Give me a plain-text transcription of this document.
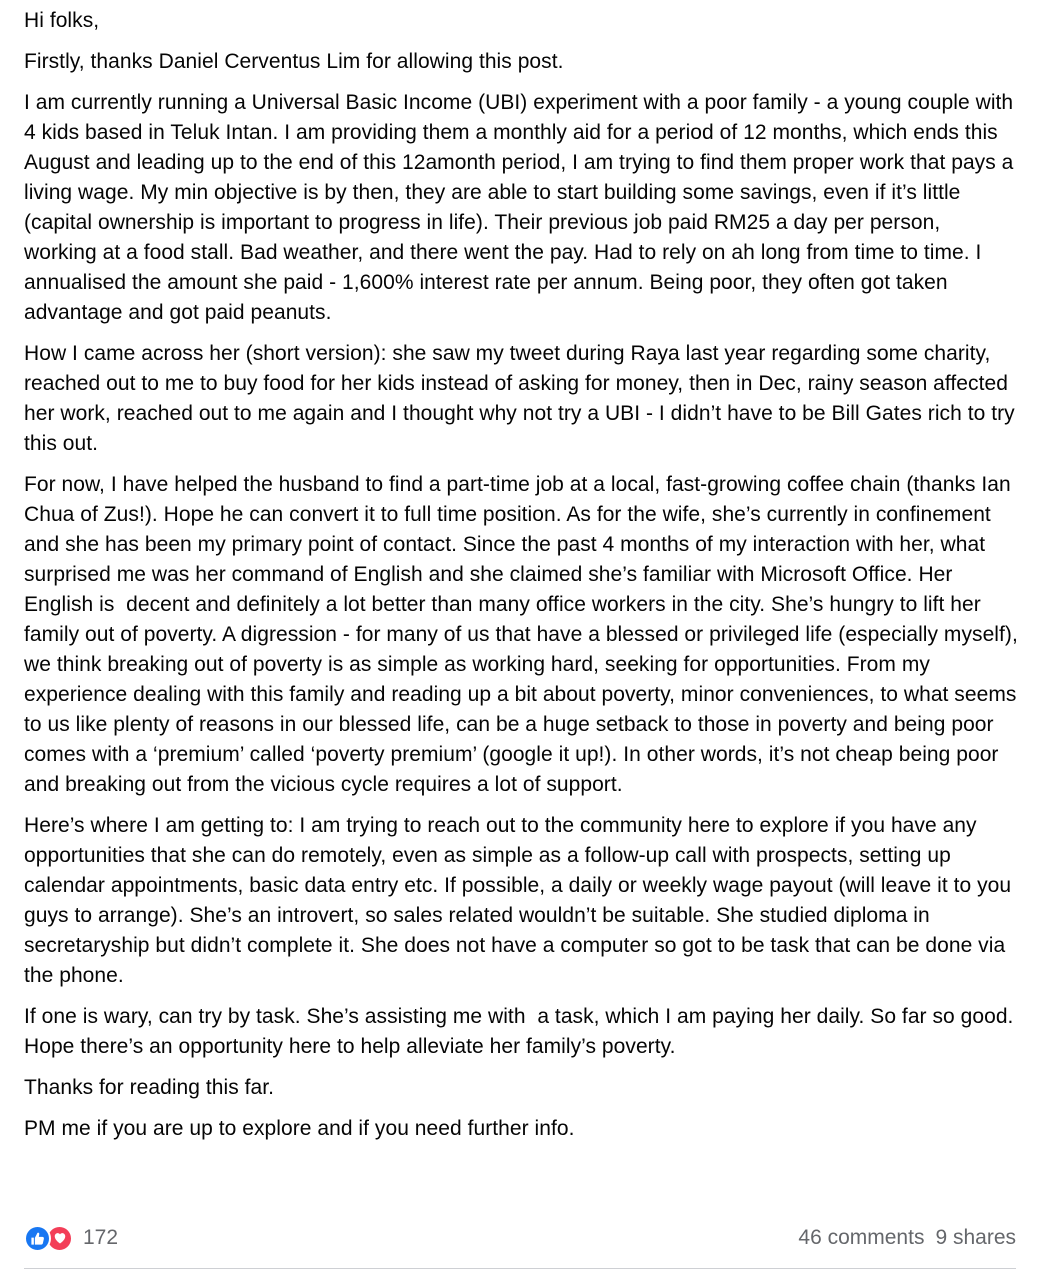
Hi folks,

Firstly, thanks Daniel Cerventus Lim for allowing this post.

I am currently running a Universal Basic Income (UBI) experiment with a poor family - a young couple with 4 kids based in Teluk Intan. I am providing them a monthly aid for a period of 12 months, which ends this August and leading up to the end of this 12amonth period, I am trying to find them proper work that pays a living wage. My min objective is by then, they are able to start building some savings, even if it’s little (capital ownership is important to progress in life). Their previous job paid RM25 a day per person, working at a food stall. Bad weather, and there went the pay. Had to rely on ah long from time to time. I annualised the amount she paid - 1,600% interest rate per annum. Being poor, they often got taken advantage and got paid peanuts.

How I came across her (short version): she saw my tweet during Raya last year regarding some charity, reached out to me to buy food for her kids instead of asking for money, then in Dec, rainy season affected her work, reached out to me again and I thought why not try a UBI - I didn’t have to be Bill Gates rich to try this out.

For now, I have helped the husband to find a part-time job at a local, fast-growing coffee chain (thanks Ian Chua of Zus!). Hope he can convert it to full time position. As for the wife, she’s currently in confinement and she has been my primary point of contact. Since the past 4 months of my interaction with her, what surprised me was her command of English and she claimed she’s familiar with Microsoft Office. Her English is  decent and definitely a lot better than many office workers in the city. She’s hungry to lift her family out of poverty. A digression - for many of us that have a blessed or privileged life (especially myself), we think breaking out of poverty is as simple as working hard, seeking for opportunities. From my experience dealing with this family and reading up a bit about poverty, minor conveniences, to what seems to us like plenty of reasons in our blessed life, can be a huge setback to those in poverty and being poor comes with a ‘premium’ called ‘poverty premium’ (google it up!). In other words, it’s not cheap being poor and breaking out from the vicious cycle requires a lot of support.

Here’s where I am getting to: I am trying to reach out to the community here to explore if you have any opportunities that she can do remotely, even as simple as a follow-up call with prospects, setting up calendar appointments, basic data entry etc. If possible, a daily or weekly wage payout (will leave it to you guys to arrange). She’s an introvert, so sales related wouldn’t be suitable. She studied diploma in secretaryship but didn’t complete it. She does not have a computer so got to be task that can be done via the phone.

If one is wary, can try by task. She’s assisting me with  a task, which I am paying her daily. So far so good. Hope there’s an opportunity here to help alleviate her family’s poverty.

Thanks for reading this far.

PM me if you are up to explore and if you need further info.

172	46 comments 9 shares
